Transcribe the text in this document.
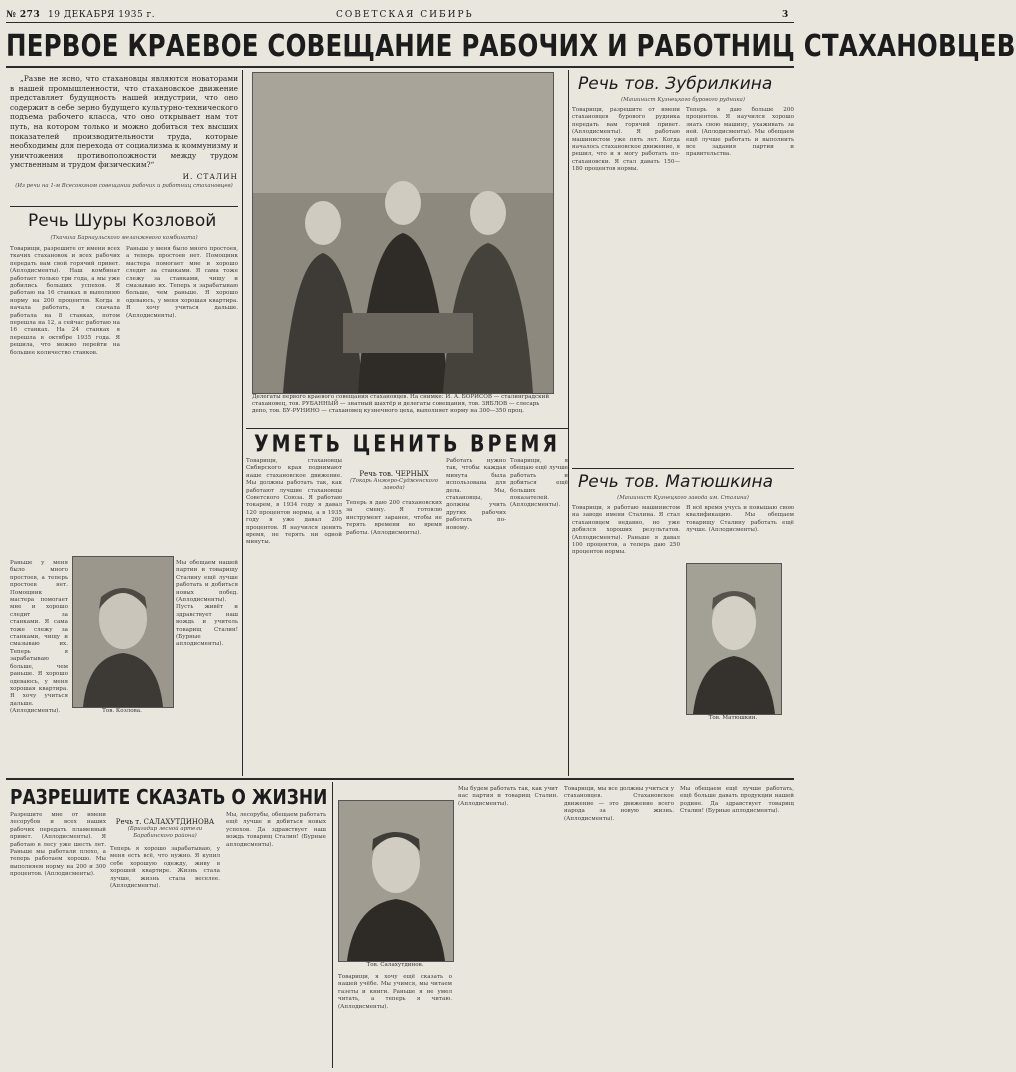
№ 273 19 ДЕКАБРЯ 1935 г.	СОВЕТСКАЯ СИБИРЬ	3
ПЕРВОЕ КРАЕВОЕ СОВЕЩАНИЕ РАБОЧИХ И РАБОТНИЦ СТАХАНОВЦЕВ
„Разве не ясно, что стахановцы являются новаторами в нашей промышленности, что стахановское движение представляет будущность нашей индустрии, что оно содержит в себе зерно будущего культурно-технического подъема рабочего класса, что оно открывает нам тот путь, на котором только и можно добиться тех высших показателей производительности труда, которые необходимы для перехода от социализма к коммунизму и уничтожения противоположности между трудом умственным и трудом физическим?“
И. СТАЛИН
(Из речи на 1-м Всесоюзном совещании рабочих и работниц стахановцев)
Речь Шуры Козловой
(Ткачиха Барнаульского меланжевого комбината)
Товарищи, разрешите от имени всех ткачих стахановок и всех рабочих передать вам свой горячий привет. (Аплодисменты). Наш комбинат работает только три года, а мы уже добились больших успехов. Я работаю на 16 станках и выполняю норму на 200 процентов. Когда я начала работать, я сначала работала на 8 станках, потом перешла на 12, а сейчас работаю на 16 станках. На 24 станках я перешла в октябре 1935 года. Я решила, что можно перейти на большее количество станков.
Раньше у меня было много простоев, а теперь простоев нет. Помощник мастера помогает мне и хорошо следит за станками. Я сама тоже слежу за станками, чищу и смазываю их. Теперь я зарабатываю больше, чем раньше. Я хорошо одеваюсь, у меня хорошая квартира. Я хочу учиться дальше. (Аплодисменты).
Тов. Козлова.
Мы обещаем нашей партии и товарищу Сталину ещё лучше работать и добиться новых побед. (Аплодисменты). Пусть живёт и здравствует наш вождь и учитель товарищ Сталин! (Бурные аплодисменты).
Раньше у меня было много простоев, а теперь простоев нет. Помощник мастера помогает мне и хорошо следит за станками. Я сама тоже слежу за станками, чищу и смазываю их. Теперь я зарабатываю больше, чем раньше. Я хорошо одеваюсь, у меня хорошая квартира. Я хочу учиться дальше. (Аплодисменты).
Делегаты первого краевого совещания стахановцев. На снимке: И. А. БОРИСОВ — сталинградский стахановец, тов. РУБАННЫЙ — знатный шахтёр и делегаты совещания, тов. ЗЯБЛОВ — слесарь депо, тов. БУ-РУНИНО — стахановец кузнечного цеха, выполняет норму на 300—350 проц.
УМЕТЬ ЦЕНИТЬ ВРЕМЯ
Товарищи, стахановцы Сибирского края поднимают наше стахановское движение. Мы должны работать так, как работают лучшие стахановцы Советского Союза. Я работаю токарем, в 1934 году я давал 120 процентов нормы, а в 1935 году я уже давал 200 процентов. Я научился ценить время, не терять ни одной минуты.
Речь тов. ЧЕРНЫХ
(Токарь Анжеро-Судженского завода)
Теперь я даю 200 стахановских за смену. Я готовлю инструмент заранее, чтобы не терять времени во время работы. (Аплодисменты).
Работать нужно так, чтобы каждая минута была использована для дела. Мы, стахановцы, должны учить других рабочих работать по-новому.
Товарищи, я обещаю ещё лучше работать и добиться ещё больших показателей. (Аплодисменты).
Речь тов. Зубрилкина
(Машинист Кузнецкого бурового рудника)
Товарищи, разрешите от имени стахановцев бурового рудника передать вам горячий привет. (Аплодисменты). Я работаю машинистом уже пять лет. Когда началось стахановское движение, я решил, что и я могу работать по-стахановски. Я стал давать 150—180 процентов нормы.
Теперь я даю больше 200 процентов. Я научился хорошо знать свою машину, ухаживать за ней. (Аплодисменты). Мы обещаем ещё лучше работать и выполнить все задания партии и правительства.
Речь тов. Матюшкина
(Машинист Кузнецкого завода им. Сталина)
Товарищи, я работаю машинистом на заводе имени Сталина. Я стал стахановцем недавно, но уже добился хороших результатов. (Аплодисменты). Раньше я давал 100 процентов, а теперь даю 250 процентов нормы.
Тов. Матюшкин.
Я всё время учусь и повышаю свою квалификацию. Мы обещаем товарищу Сталину работать ещё лучше. (Аплодисменты).
РАЗРЕШИТЕ СКАЗАТЬ О ЖИЗНИ
Речь т. САЛАХУТДИНОВА
(Бригадир лесной артели Барабинского района)
Разрешите мне от имени лесорубов и всех наших рабочих передать пламенный привет. (Аплодисменты). Я работаю в лесу уже шесть лет. Раньше мы работали плохо, а теперь работаем хорошо. Мы выполняем норму на 200 и 300 процентов. (Аплодисменты).
Теперь я хорошо зарабатываю, у меня есть всё, что нужно. Я купил себе хорошую одежду, живу в хорошей квартире. Жизнь стала лучше, жизнь стала веселее. (Аплодисменты).
Мы, лесорубы, обещаем работать ещё лучше и добиться новых успехов. Да здравствует наш вождь товарищ Сталин! (Бурные аплодисменты).
Тов. Салахутдинов.
Товарищи, я хочу ещё сказать о нашей учёбе. Мы учимся, мы читаем газеты и книги. Раньше я не умел читать, а теперь я читаю. (Аплодисменты).
Мы будем работать так, как учит нас партия и товарищ Сталин. (Аплодисменты).
Товарищи, мы все должны учиться у стахановцев. Стахановское движение — это движение всего народа за новую жизнь. (Аплодисменты).
Мы обещаем ещё лучше работать, ещё больше давать продукции нашей родине. Да здравствует товарищ Сталин! (Бурные аплодисменты).
